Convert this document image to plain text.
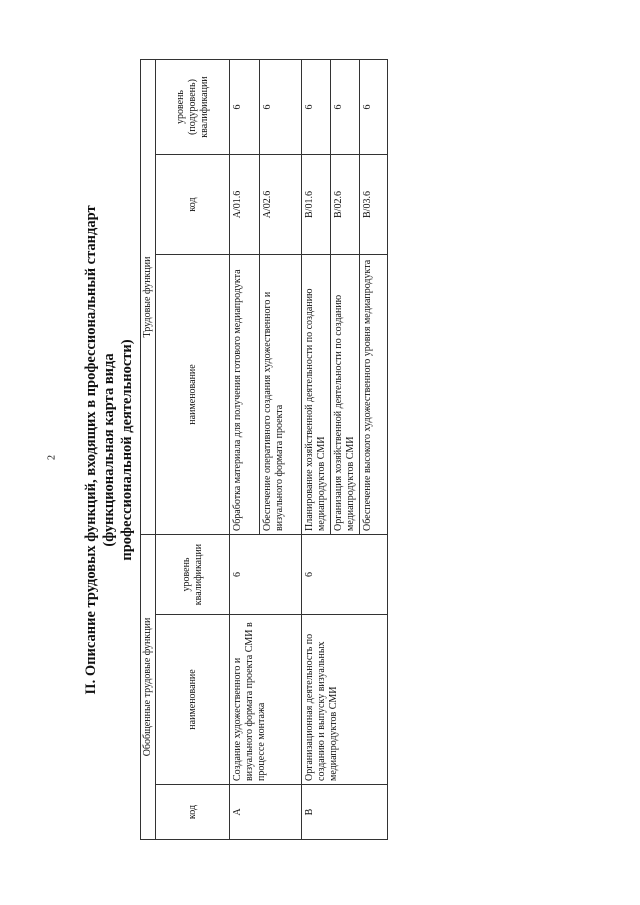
2 II. Описание трудовых функций, входящих в профессиональный стандарт (функциональная карта вида профессиональной деятельности)
Обобщенные трудовые функции			Трудовые функции		
код	наименование	уровень квалификации	наименование	код	уровень (подуровень) квалификации
А	Создание художественного и визуального формата проекта СМИ в процессе монтажа	6	Обработка материала для получения готового медиапродукта	А/01.6	6
			Обеспечение оперативного создания художественного и визуального формата проекта	А/02.6	6
В	Организационная деятельность по созданию и выпуску визуальных медиапродуктов СМИ	6	Планирование хозяйственной деятельности по созданию медиапродуктов СМИ	В/01.6	6
			Организация хозяйственной деятельности по созданию медиапродуктов СМИ	В/02.6	6
			Обеспечение высокого художественного уровня медиапродукта	В/03.6	6
